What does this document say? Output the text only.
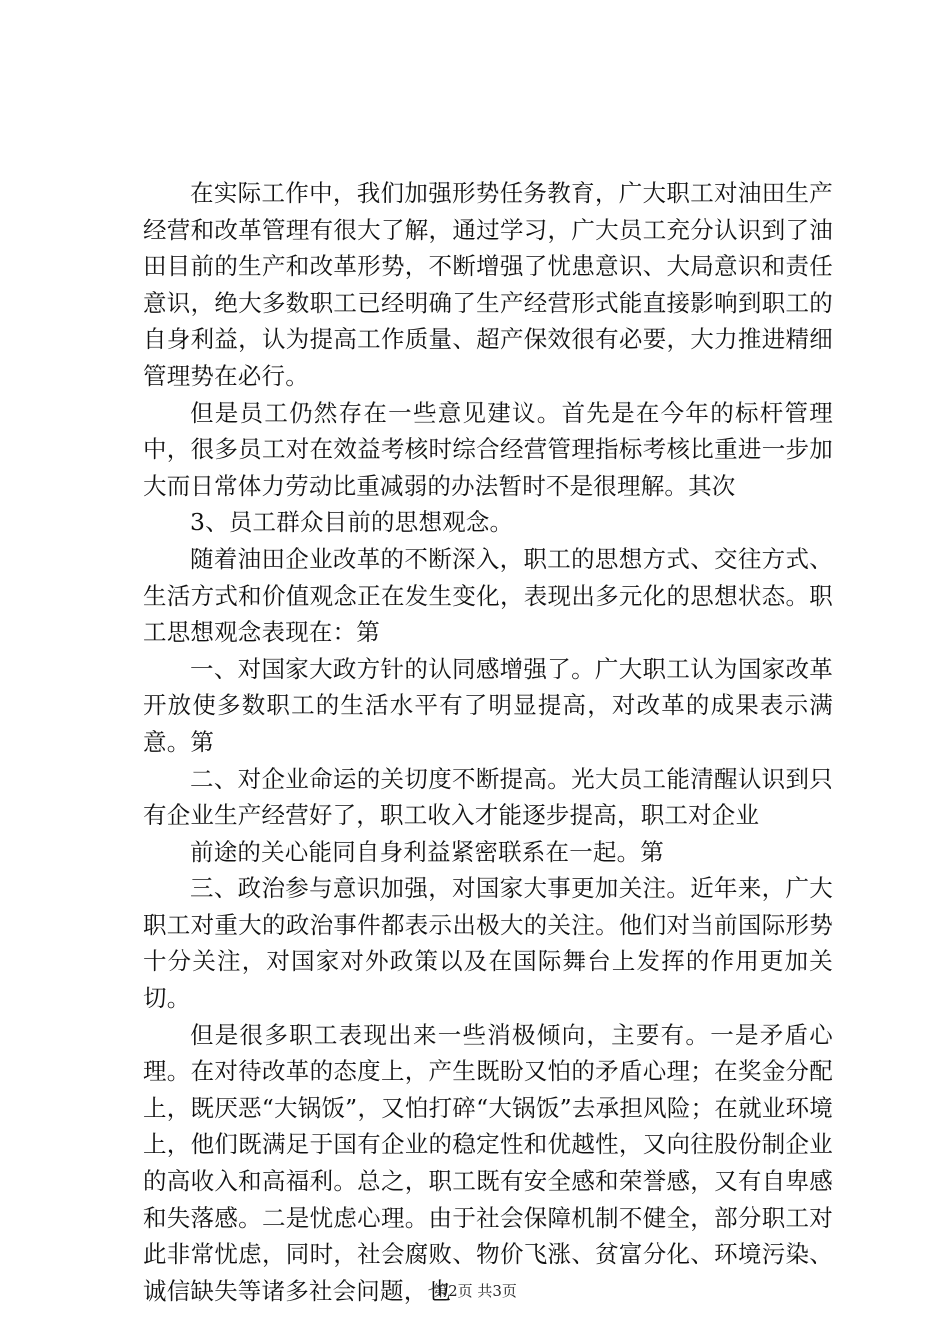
在实际工作中，我们加强形势任务教育，广大职工对油田生产经营和改革管理有很大了解，通过学习，广大员工充分认识到了油田目前的生产和改革形势，不断增强了忧患意识、大局意识和责任意识，绝大多数职工已经明确了生产经营形式能直接影响到职工的自身利益，认为提高工作质量、超产保效很有必要，大力推进精细管理势在必行。

但是员工仍然存在一些意见建议。首先是在今年的标杆管理中，很多员工对在效益考核时综合经营管理指标考核比重进一步加大而日常体力劳动比重减弱的办法暂时不是很理解。其次

3、员工群众目前的思想观念。

随着油田企业改革的不断深入，职工的思想方式、交往方式、生活方式和价值观念正在发生变化，表现出多元化的思想状态。职工思想观念表现在：第

一、对国家大政方针的认同感增强了。广大职工认为国家改革开放使多数职工的生活水平有了明显提高，对改革的成果表示满意。第

二、对企业命运的关切度不断提高。光大员工能清醒认识到只有企业生产经营好了，职工收入才能逐步提高，职工对企业

前途的关心能同自身利益紧密联系在一起。第

三、政治参与意识加强，对国家大事更加关注。近年来，广大职工对重大的政治事件都表示出极大的关注。他们对当前国际形势十分关注，对国家对外政策以及在国际舞台上发挥的作用更加关切。

但是很多职工表现出来一些消极倾向，主要有。一是矛盾心理。在对待改革的态度上，产生既盼又怕的矛盾心理；在奖金分配上，既厌恶“大锅饭”，又怕打碎“大锅饭”去承担风险；在就业环境上，他们既满足于国有企业的稳定性和优越性，又向往股份制企业的高收入和高福利。总之，职工既有安全感和荣誉感，又有自卑感和失落感。二是忧虑心理。由于社会保障机制不健全，部分职工对此非常忧虑，同时，社会腐败、物价飞涨、贫富分化、环境污染、诚信缺失等诸多社会问题，也

第2页 共3页
